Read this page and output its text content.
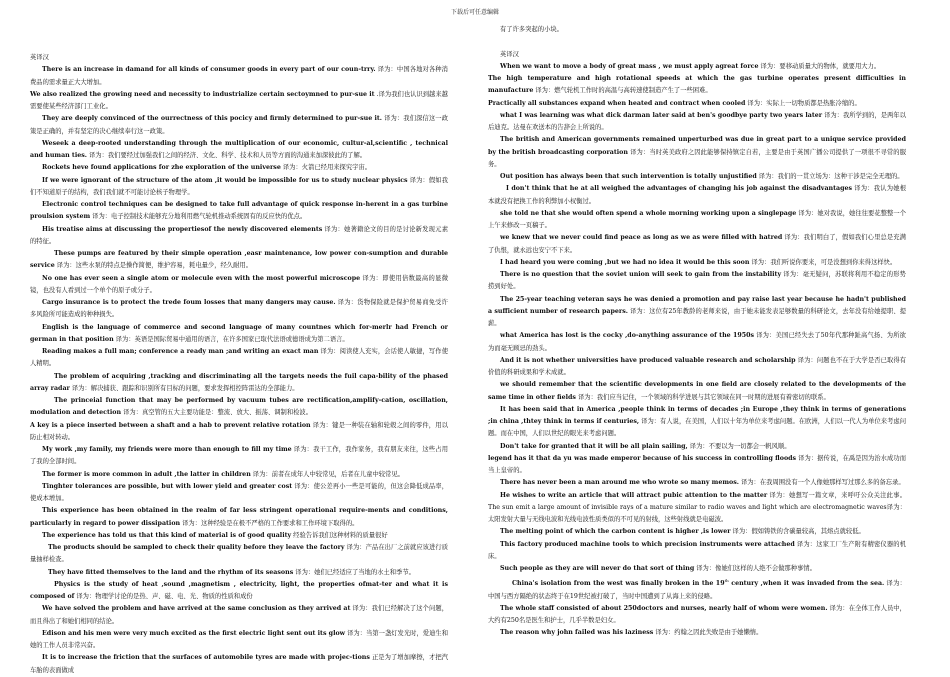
下载后可任意编辑

英译汉

There is an increase in damand for all kinds of consumer goods in every part of our coun-trry. 译为：中国各地对各种消费品的需求量正大大增加。

We also realized the growing need and necessity to industrialize certain sectoymned to pur-sue it .译为我们也认识到越来越需要使某些经济部门工业化。

They are deeply convinced of the ourrectness of this pocicy and firmly determined to pur-sue it. 译为：我们深信这一政策是正确的，并有坚定的决心继续奉行这一政策。

Weseek a deep-rooted understanding through the multiplication of our economic, cultur-al,scientific , technical and human ties. 译为：我们要经过加强我们之间的经济、文化、科学、技术和人员等方面的沟通来加深彼此的了解。

Rockets heve found applications for zhe exploration of the universe 译为：火箭已经用来探究宇宙。

If we were ignorant of the structure of the atom ,it would be impossible for us to study nuclear physics 译为：假如我们不知道原子的结构，我们我们就不可能讨论核子物理学。

Electronic control techniques can be designed to take full advantage of quick response in-herent in a gas turbine proulsion system 译为：电子控制技术能够充分地利用燃气轮机推动系统固有的反应快的优点。

His treatise aims at discussing the propertiesof the newly discovered elements 译为：她著籍论文的目的是讨论新发现元素的特征。

These pumps are featured by their simple operation ,easr maintenance, low power con-sumption and durable service 译为：这些水泵的特点是操作简便，维护容易，耗电量少，经久耐用。

No one has ever seen a single atom or molecule even with the most powerful microscope 译为：即使用倍数最高的显微镜，也没有人看到过一个单个的原子或分子。

Cargo insurance is to protect the trede foum losses that many dangers may cause. 译为：货物保险就是保护贸易商免受许多风险所可能造成的种种损失。

English is the language of commerce and second language of many countnes which for-merlr had French or german in that position 译为：英语是国际贸易中通用的语言，在许多国家已取代法语或德语成为第二语言。

Reading makes a full man; conference a ready man ;and writing an exact man 译为：阅读使人充实，会话使人敏捷，写作使人精明。

The problem of acquiring ,tracking and discriminating all the targets needs the fuil capa-bility of the phased array radar 译为：解决捕获、跟踪和识别所有目标的问题，要求发挥相控阵雷达的全部能力。

The princeial function that may be performed by vacuum tubes are rectification,amplify-cation, oscillation, modulation and detection 译为：真空管的五大主要功能是：整流、放大、振荡、调制和检波。

A key is a piece inserted between a shaft and a hab to prevent relative rotation 译为：键是一种装在轴和轮毂之间的零件，用以防止相对转动。

My work ,my family, my friends were more than enough to fill my time 译为：我干工作，我作家务，我有朋友来往，这些占用了我的全部时间。

The former is more common in adult ,the latter in children 译为：前者在成年人中较常见，后者在儿童中较常见。

Tinghter tolerances are possible, but with lower yield and greater cost 译为：使公差再小一些是可能的，但这会降低成品率，使成本增加。

This experience has been obtained in the realm of far less stringent operational require-ments and conditions, particularly in regard to power dissipation 译为：这种经验是在极不严格的工作要求和工作环境下取得的。

The experience has told us that this kind of material is of good quality 经验告诉我们这种材料的质量很好

The products should be sampled to check their quality before they leave the factory 译为：产品在出厂之前就应该进行质量抽样检查。

They have fitted themselves to the land and the rhythm of its seasons 译为：她们已经适应了当地的水土和季节。

Physics is the study of heat ,sound ,magnetism , electricity, light, the properties ofmat-ter and what it is composed of 译为：物理学讨论的是热、声、磁、电、光、物质的性质和成份

We have solved the problem and have arrived at the same conclusion as they arrived at 译为：我们已经解决了这个问题，而且得出了和她们相同的结论。

Edison and his men were very much excited as the first electric light sent out its glow 译为：当第一盏灯发光时，爱迪生和她的工作人员非常兴奋。

It is to increase the friction that the surfaces of automobile tyres are made with projec-tions 正是为了增加摩擦，才把汽车胎的表面做成

有了许多突起的小块。

英译汉

When we want to move a body of great mass , we must apply agreat force 译为：要移动质量大的物体，就要用大力。

The high temperature and high rotational speeds at which the gas turbine operates present difficulties in manufacture 译为：燃气轮机工作时的高温与高转速使制造产生了一些困难。

Practically all substances expand when heated and contract when cooled 译为：实际上一切物质都是热胀冷缩的。

what I was learning was what dick darman later said at ben's goodbye party two years later 译为：我所学到的，是两年以后迪克。达曼在欢送本的告辞会上所说的。

The british and American governments remained unperturbed was due in great part to a unique service provided by the british broadcasting corporation 译为：当时英美政府之因此能够保持镇定自若，主要是由于英国广播公司提供了一项很不寻常的服务。

Out position has always been that such intervention is totally unjustified 译为：我们的一贯立场为：这种干涉是完全无理的。

I don't think that he at all weighed the advantages of changing his job against the disadvantages 译为：我认为她根本就没有把换工作的利弊加小权衡过。

she told ne that she would often spend a whole morning working upon a singlepage 译为：她对我说，她往往要花整整一个上午来修改一页稿子。

we knew that we never could find peace as long as we as were filled with hatred 译为：我们明白了，假如我们心里总是充满了仇恨，就永远也安宁不下来。

I had heard you were coming ,but we had no idea it would be this soon 译为：我们听说你要来，可是没想到你来得这样快。

There is no question that the soviet union will seek to gain from the instability 译为：毫无疑问，苏联将利用不稳定的形势捞到好处。

The 25-year teaching veteran says he was denied a promotion and pay raise last year because he hadn't published a sufficient number of research papers. 译为：这位有25年教龄的老师来说，由于她未能发表足够数量的科研论文，去年没有给她提职、提薪。

what America has lost is the cocky ,do-anything assurance of the 1950s 译为：美国已经失去了50年代那种趾高气扬、为所欲为而毫无顾忌的劲头。

And it is not whether universities have produced valuable research and scholarship 译为：问题也不在于大学是否已取得有价值的科研成果和学术成就。

we should remember that the scientific developments in one field are closely related to the developments of the same time in other fields 译为：我们应当记住，一个领域的科学进展与其它领域在同一时期的进展有着密切的联系。

It has been said that in America ,people think in terms of decades ;in Europe ,they think in terms of generations ;in china ,thtey think in terms if centuries, 译为：有人说，在美国，人们以十年为单位来考虑问题。在欧洲，人们以一代人为单位来考虑问题。而在中国，人们以世纪的眼光来考虑问题。

Don't take for granted that it will be all plain sailing, 译为：不要以为一切都会一帆风顺。

legend has it that da yu was made emperor because of his success in controlling floods 译为：据传说，在禹是因为治水成功而当上皇帝的。

There has never been a man around me who wrote so many memos. 译为：在我周围没有一个人像她那样写过那么多的备忘录。

He wishes to write an article that will attract pubic attention to the matter 译为：她想写一篇文章，来呼吁公众关注此事。The sun emit a large amount of invisible rays of a mature similar to radio waves and light which are electromagnetic waves译为：太阳发射大量与无线电波和光线电波性质类似的不可见的射线，这些射线就是电磁波。

The melting point of which the carbon content is higher ,is lower 译为：假如铸铁的含碳量较高，其熔点就较低。

This factory produced machine tools to which precision instruments were attached 译为：这家工厂生产附有精密仪器的机床。

Such people as they are will never do that sort of thing 译为：像她们这样的人绝不会做那种事情。

China's isolation from the west was finally broken in the 19th century ,when it was invaded from the sea. 译为：中国与西方隔绝的状态终于在19世纪被打破了，当时中国遭到了从海上来的侵略。

The whole staff consisted of about 250doctors and nurses, nearly half of whom were women. 译为：在全体工作人员中，大约有250名是医生和护士，几乎半数是妇女。

The reason why john failed was his laziness 译为：约翰之因此失败是由于她懒惰。
